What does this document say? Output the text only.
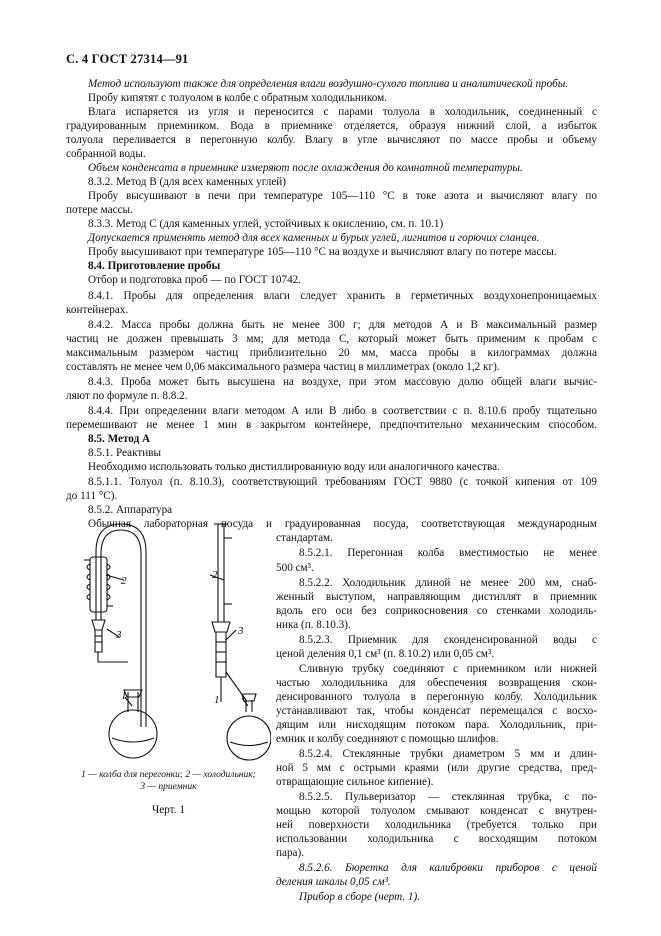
С. 4 ГОСТ 27314—91
Метод используют также для определения влаги воздушно-сухого топлива и аналитической пробы.
Пробу кипятят с толуолом в колбе с обратным холодильником.
Влага испаряется из угля и переносится с парами толуола в холодильник, соединенный с
градуированным приемником. Вода в приемнике отделяется, образуя нижний слой, а избыток
толуола переливается в перегонную колбу. Влагу в угле вычисляют по массе пробы и объему
собранной воды.
Объем конденсата в приемнике измеряют после охлаждения до комнатной температуры.
8.3.2. Метод В (для всех каменных углей)
Пробу высушивают в печи при температуре 105—110 °С в токе азота и вычисляют влагу по
потере массы.
8.3.3. Метод С (для каменных углей, устойчивых к окислению, см. п. 10.1)
Допускается применять метод для всех каменных и бурых углей, лигнитов и горючих сланцев.
Пробу высушивают при температуре 105—110 °С на воздухе и вычисляют влагу по потере массы.
8.4. Приготовление пробы
Отбор и подготовка проб — по ГОСТ 10742.
8.4.1. Пробы для определения влаги следует хранить в герметичных воздухонепроницаемых
контейнерах.
8.4.2. Масса пробы должна быть не менее 300 г; для методов А и В максимальный размер
частиц не должен превышать 3 мм; для метода С, который может быть применим к пробам с
максимальным размером частиц приблизительно 20 мм, масса пробы в килограммах должна
составлять не менее чем 0,06 максимального размера частиц в миллиметрах (около 1,2 кг).
8.4.3. Проба может быть высушена на воздухе, при этом массовую долю общей влаги вычис-
ляют по формуле п. 8.8.2.
8.4.4. При определении влаги методом А или В либо в соответствии с п. 8.10.6 пробу тщательно
перемешивают не менее 1 мин в закрытом контейнере, предпочтительно механическим способом.
8.5. Метод А
8.5.1. Реактивы
Необходимо использовать только дистиллированную воду или аналогичного качества.
8.5.1.1. Толуол (п. 8.10.3), соответствующий требованиям ГОСТ 9880 (с точкой кипения от 109
до 111 °С).
8.5.2. Аппаратура
Обычная лабораторная посуда и градуированная посуда, соответствующая международным
стандартам.
8.5.2.1. Перегонная колба вместимостью не менее
500 см³.
8.5.2.2. Холодильник длиной не менее 200 мм, снаб-
женный выступом, направляющим дистиллят в приемник
вдоль его оси без соприкосновения со стенками холодиль-
ника (п. 8.10.3).
8.5.2.3. Приемник для сконденсированной воды с
ценой деления 0,1 см³ (п. 8.10.2) или 0,05 см³.
Сливную трубку соединяют с приемником или нижней
частью холодильника для обеспечения возвращения скон-
денсированного толуола в перегонную колбу. Холодильник
устанавливают так, чтобы конденсат перемещался с восхо-
дящим или нисходящим потоком пара. Холодильник, при-
емник и колбу соединяют с помощью шлифов.
8.5.2.4. Стеклянные трубки диаметром 5 мм и длин-
ной 5 мм с острыми краями (или другие средства, пред-
отвращающие сильное кипение).
8.5.2.5. Пульверизатор — стеклянная трубка, с по-
мощью которой толуолом смывают конденсат с внутрен-
ней поверхности холодильника (требуется только при
использовании холодильника с восходящим потоком
пара).
8.5.2.6. Бюретка для калибровки приборов с ценой
деления шкалы 0,05 см³.
Прибор в сборе (черт. 1).
2
3
1
2
3
1
1 — колба для перегонки; 2 — холодильник;
3 — приемник
Черт. 1
